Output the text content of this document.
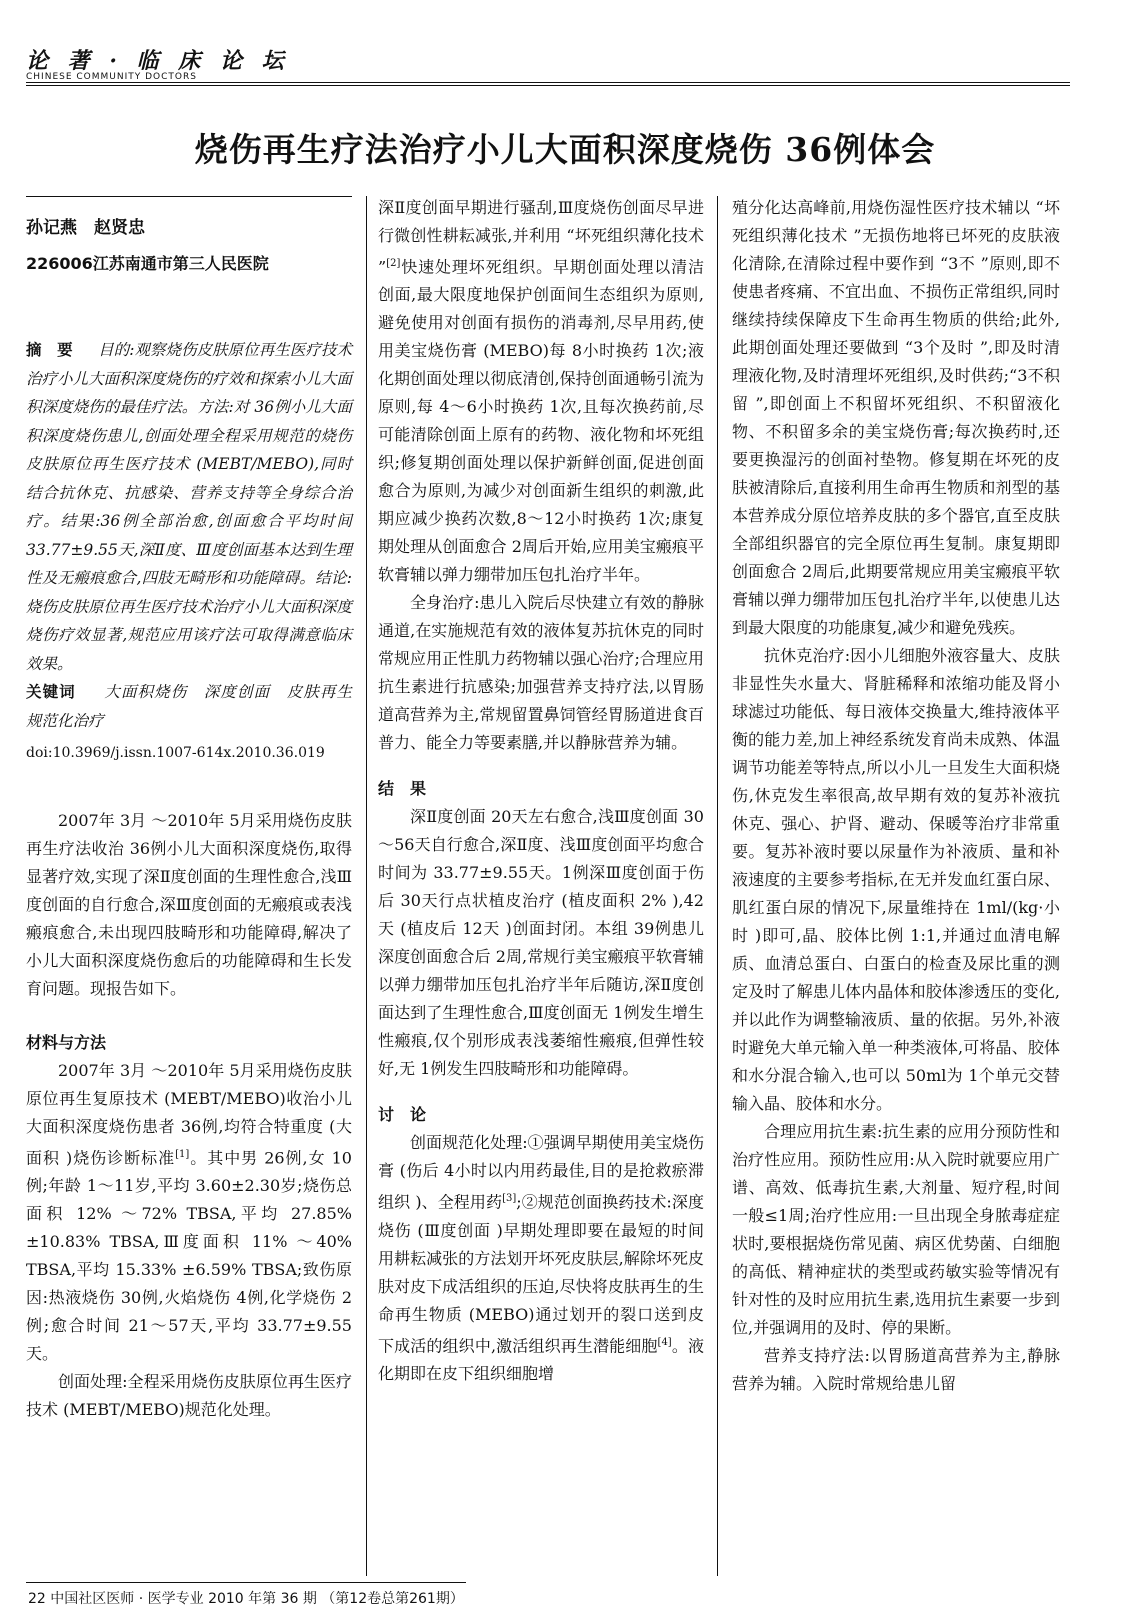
论 著 · 临 床 论 坛
CHINESE COMMUNITY DOCTORS
烧伤再生疗法治疗小儿大面积深度烧伤 36例体会

孙记燕　赵贤忠

226006江苏南通市第三人民医院

摘　要 　 目的:观察烧伤皮肤原位再生医疗技术治疗小儿大面积深度烧伤的疗效和探索小儿大面积深度烧伤的最佳疗法。方法:对 36例小儿大面积深度烧伤患儿,创面处理全程采用规范的烧伤皮肤原位再生医疗技术 (MEBT/MEBO),同时结合抗休克、抗感染、营养支持等全身综合治疗。结果:36例全部治愈,创面愈合平均时间 33.77±9.55天,深Ⅱ度、Ⅲ度创面基本达到生理性及无瘢痕愈合,四肢无畸形和功能障碍。结论:烧伤皮肤原位再生医疗技术治疗小儿大面积深度烧伤疗效显著,规范应用该疗法可取得满意临床效果。

关键词 　 大面积烧伤　深度创面　皮肤再生　规范化治疗

doi:10.3969/j.issn.1007-614x.2010.36.019

2007年 3月 ～2010年 5月采用烧伤皮肤再生疗法收治 36例小儿大面积深度烧伤,取得显著疗效,实现了深Ⅱ度创面的生理性愈合,浅Ⅲ度创面的自行愈合,深Ⅲ度创面的无瘢痕或表浅瘢痕愈合,未出现四肢畸形和功能障碍,解决了小儿大面积深度烧伤愈后的功能障碍和生长发育问题。现报告如下。

材料与方法

2007年 3月 ～2010年 5月采用烧伤皮肤原位再生复原技术 (MEBT/MEBO)收治小儿大面积深度烧伤患者 36例,均符合特重度 (大面积 )烧伤诊断标准[1]。其中男 26例,女 10例;年龄 1～11岁,平均 3.60±2.30岁;烧伤总面积 12% ～72% TBSA,平均 27.85% ±10.83% TBSA,Ⅲ度面积 11% ～40% TBSA,平均 15.33% ±6.59% TBSA;致伤原因:热液烧伤 30例,火焰烧伤 4例,化学烧伤 2例;愈合时间 21～57天,平均 33.77±9.55天。

创面处理:全程采用烧伤皮肤原位再生医疗技术 (MEBT/MEBO)规范化处理。

深Ⅱ度创面早期进行骚刮,Ⅲ度烧伤创面尽早进行微创性耕耘减张,并利用 “坏死组织薄化技术 ”[2]快速处理坏死组织。早期创面处理以清洁创面,最大限度地保护创面间生态组织为原则,避免使用对创面有损伤的消毒剂,尽早用药,使用美宝烧伤膏 (MEBO)每 8小时换药 1次;液化期创面处理以彻底清创,保持创面通畅引流为原则,每 4～6小时换药 1次,且每次换药前,尽可能清除创面上原有的药物、液化物和坏死组织;修复期创面处理以保护新鲜创面,促进创面愈合为原则,为减少对创面新生组织的刺激,此期应减少换药次数,8～12小时换药 1次;康复期处理从创面愈合 2周后开始,应用美宝瘢痕平软膏辅以弹力绷带加压包扎治疗半年。

全身治疗:患儿入院后尽快建立有效的静脉通道,在实施规范有效的液体复苏抗休克的同时常规应用正性肌力药物辅以强心治疗;合理应用抗生素进行抗感染;加强营养支持疗法,以胃肠道高营养为主,常规留置鼻饲管经胃肠道进食百普力、能全力等要素膳,并以静脉营养为辅。

结　果

深Ⅱ度创面 20天左右愈合,浅Ⅲ度创面 30～56天自行愈合,深Ⅱ度、浅Ⅲ度创面平均愈合时间为 33.77±9.55天。1例深Ⅲ度创面于伤后 30天行点状植皮治疗 (植皮面积 2% ),42天 (植皮后 12天 )创面封闭。本组 39例患儿深度创面愈合后 2周,常规行美宝瘢痕平软膏辅以弹力绷带加压包扎治疗半年后随访,深Ⅱ度创面达到了生理性愈合,Ⅲ度创面无 1例发生增生性瘢痕,仅个别形成表浅萎缩性瘢痕,但弹性较好,无 1例发生四肢畸形和功能障碍。

讨　论

创面规范化处理:①强调早期使用美宝烧伤膏 (伤后 4小时以内用药最佳,目的是抢救瘀滞组织 )、全程用药[3];②规范创面换药技术:深度烧伤 (Ⅲ度创面 )早期处理即要在最短的时间用耕耘减张的方法划开坏死皮肤层,解除坏死皮肤对皮下成活组织的压迫,尽快将皮肤再生的生命再生物质 (MEBO)通过划开的裂口送到皮下成活的组织中,激活组织再生潜能细胞[4]。液化期即在皮下组织细胞增

殖分化达高峰前,用烧伤湿性医疗技术辅以 “坏死组织薄化技术 ”无损伤地将已坏死的皮肤液化清除,在清除过程中要作到 “3不 ”原则,即不使患者疼痛、不宜出血、不损伤正常组织,同时继续持续保障皮下生命再生物质的供给;此外,此期创面处理还要做到 “3个及时 ”,即及时清理液化物,及时清理坏死组织,及时供药;“3不积留 ”,即创面上不积留坏死组织、不积留液化物、不积留多余的美宝烧伤膏;每次换药时,还要更换湿污的创面衬垫物。修复期在坏死的皮肤被清除后,直接利用生命再生物质和剂型的基本营养成分原位培养皮肤的多个器官,直至皮肤全部组织器官的完全原位再生复制。康复期即创面愈合 2周后,此期要常规应用美宝瘢痕平软膏辅以弹力绷带加压包扎治疗半年,以使患儿达到最大限度的功能康复,减少和避免残疾。

抗休克治疗:因小儿细胞外液容量大、皮肤非显性失水量大、肾脏稀释和浓缩功能及肾小球滤过功能低、每日液体交换量大,维持液体平衡的能力差,加上神经系统发育尚未成熟、体温调节功能差等特点,所以小儿一旦发生大面积烧伤,休克发生率很高,故早期有效的复苏补液抗休克、强心、护肾、避动、保暖等治疗非常重要。复苏补液时要以尿量作为补液质、量和补液速度的主要参考指标,在无并发血红蛋白尿、肌红蛋白尿的情况下,尿量维持在 1ml/(kg·小时 )即可,晶、胶体比例 1:1,并通过血清电解质、血清总蛋白、白蛋白的检查及尿比重的测定及时了解患儿体内晶体和胶体渗透压的变化,并以此作为调整输液质、量的依据。另外,补液时避免大单元输入单一种类液体,可将晶、胶体和水分混合输入,也可以 50ml为 1个单元交替输入晶、胶体和水分。

合理应用抗生素:抗生素的应用分预防性和治疗性应用。预防性应用:从入院时就要应用广谱、高效、低毒抗生素,大剂量、短疗程,时间一般≤1周;治疗性应用:一旦出现全身脓毒症症状时,要根据烧伤常见菌、病区优势菌、白细胞的高低、精神症状的类型或药敏实验等情况有针对性的及时应用抗生素,选用抗生素要一步到位,并强调用的及时、停的果断。

营养支持疗法:以胃肠道高营养为主,静脉营养为辅。入院时常规给患儿留

22 中国社区医师 · 医学专业 2010 年第 36 期 （第12卷总第261期）
